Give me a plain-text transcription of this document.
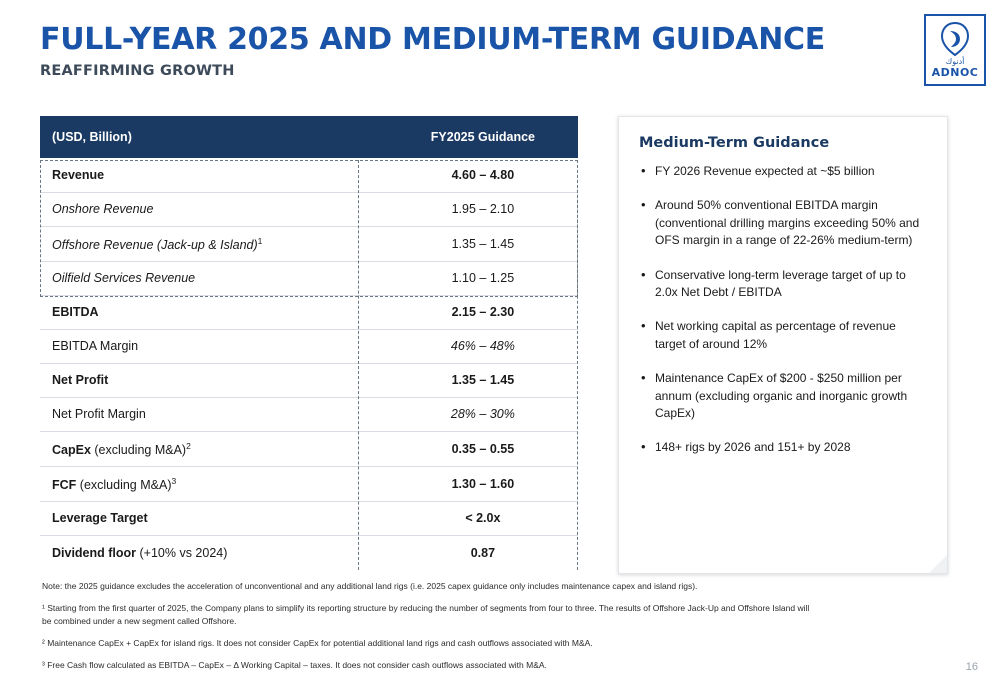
FULL-YEAR 2025 AND MEDIUM-TERM GUIDANCE
REAFFIRMING GROWTH
أدنوك
ADNOC
(USD, Billion)	FY2025 Guidance
Revenue	4.60 – 4.80
Onshore Revenue	1.95 – 2.10
Offshore Revenue (Jack-up & Island)$^1$	1.35 – 1.45
Oilfield Services Revenue	1.10 – 1.25
EBITDA	2.15 – 2.30
EBITDA Margin	46% – 48%
Net Profit	1.35 – 1.45
Net Profit Margin	28% – 30%
CapEx (excluding M&A)$^2$	0.35 – 0.55
FCF (excluding M&A)$^3$	1.30 – 1.60
Leverage Target	< 2.0x
Dividend floor (+10% vs 2024)	0.87
Medium-Term Guidance
• FY 2026 Revenue expected at ~$5 billion
• Around 50% conventional EBITDA margin (conventional drilling margins exceeding 50% and OFS margin in a range of 22-26% medium-term)
• Conservative long-term leverage target of up to 2.0x Net Debt / EBITDA
• Net working capital as percentage of revenue target of around 12%
• Maintenance CapEx of $200 - $250 million per annum (excluding organic and inorganic growth CapEx)
• 148+ rigs by 2026 and 151+ by 2028

Note: the 2025 guidance excludes the acceleration of unconventional and any additional land rigs (i.e. 2025 capex guidance only includes maintenance capex and island rigs).

¹ Starting from the first quarter of 2025, the Company plans to simplify its reporting structure by reducing the number of segments from four to three. The results of Offshore Jack-Up and Offshore Island will be combined under a new segment called Offshore.

² Maintenance CapEx + CapEx for island rigs. It does not consider CapEx for potential additional land rigs and cash outflows associated with M&A.

³ Free Cash flow calculated as EBITDA – CapEx – Δ Working Capital – taxes. It does not consider cash outflows associated with M&A.	16
